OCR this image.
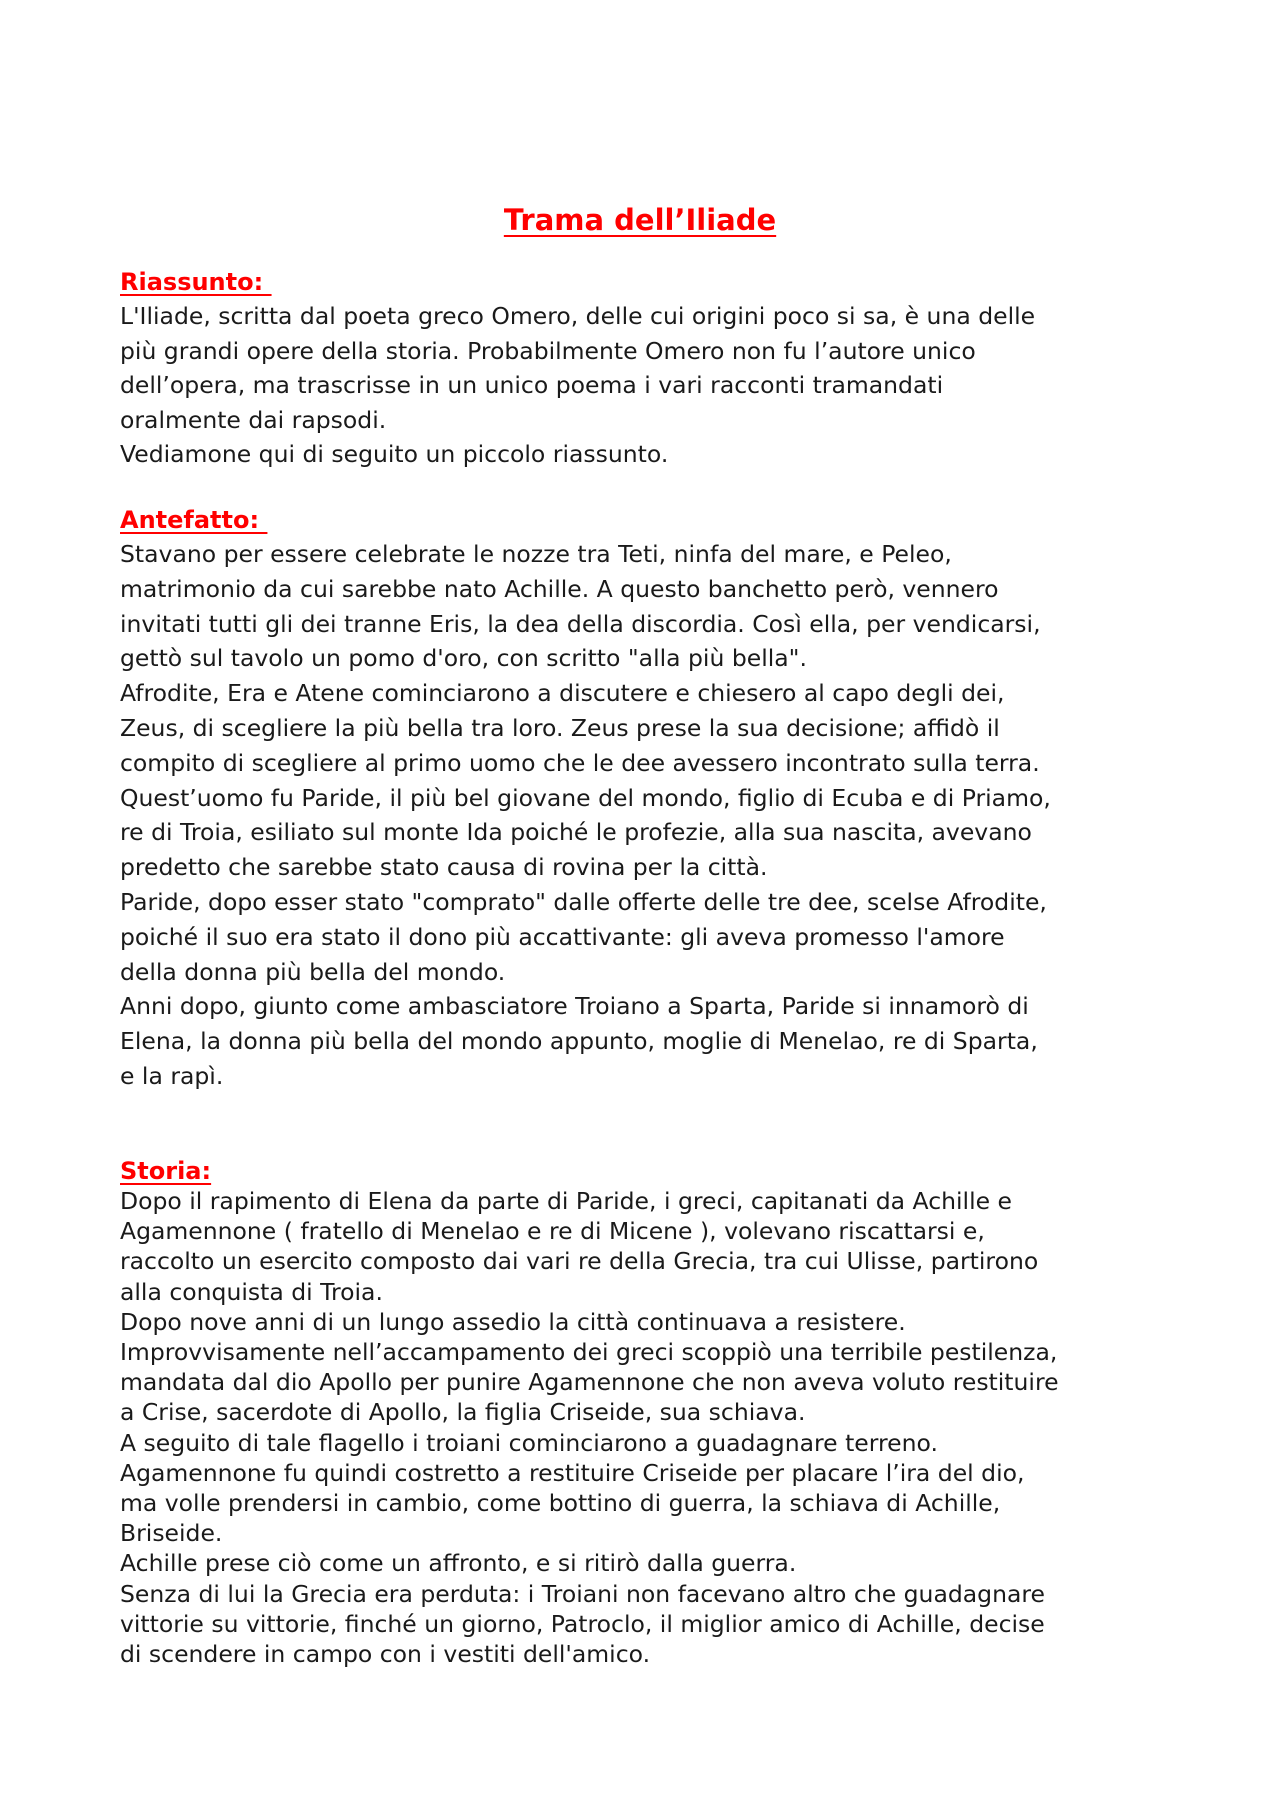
Trama dell’Iliade
Riassunto:
L'Iliade, scritta dal poeta greco Omero, delle cui origini poco si sa, è una delle
più grandi opere della storia. Probabilmente Omero non fu l’autore unico
dell’opera, ma trascrisse in un unico poema i vari racconti tramandati
oralmente dai rapsodi.
Vediamone qui di seguito un piccolo riassunto.
Antefatto:
Stavano per essere celebrate le nozze tra Teti, ninfa del mare, e Peleo,
matrimonio da cui sarebbe nato Achille. A questo banchetto però, vennero
invitati tutti gli dei tranne Eris, la dea della discordia. Così ella, per vendicarsi,
gettò sul tavolo un pomo d'oro, con scritto "alla più bella".
Afrodite, Era e Atene cominciarono a discutere e chiesero al capo degli dei,
Zeus, di scegliere la più bella tra loro. Zeus prese la sua decisione; affidò il
compito di scegliere al primo uomo che le dee avessero incontrato sulla terra.
Quest’uomo fu Paride, il più bel giovane del mondo, figlio di Ecuba e di Priamo,
re di Troia, esiliato sul monte Ida poiché le profezie, alla sua nascita, avevano
predetto che sarebbe stato causa di rovina per la città.
Paride, dopo esser stato "comprato" dalle offerte delle tre dee, scelse Afrodite,
poiché il suo era stato il dono più accattivante: gli aveva promesso l'amore
della donna più bella del mondo.
Anni dopo, giunto come ambasciatore Troiano a Sparta, Paride si innamorò di
Elena, la donna più bella del mondo appunto, moglie di Menelao, re di Sparta,
e la rapì.
Storia:
Dopo il rapimento di Elena da parte di Paride, i greci, capitanati da Achille e
Agamennone ( fratello di Menelao e re di Micene ), volevano riscattarsi e,
raccolto un esercito composto dai vari re della Grecia, tra cui Ulisse, partirono
alla conquista di Troia.
Dopo nove anni di un lungo assedio la città continuava a resistere.
Improvvisamente nell’accampamento dei greci scoppiò una terribile pestilenza,
mandata dal dio Apollo per punire Agamennone che non aveva voluto restituire
a Crise, sacerdote di Apollo, la figlia Criseide, sua schiava.
A seguito di tale flagello i troiani cominciarono a guadagnare terreno.
Agamennone fu quindi costretto a restituire Criseide per placare l’ira del dio,
ma volle prendersi in cambio, come bottino di guerra, la schiava di Achille,
Briseide.
Achille prese ciò come un affronto, e si ritirò dalla guerra.
Senza di lui la Grecia era perduta: i Troiani non facevano altro che guadagnare
vittorie su vittorie, finché un giorno, Patroclo, il miglior amico di Achille, decise
di scendere in campo con i vestiti dell'amico.
